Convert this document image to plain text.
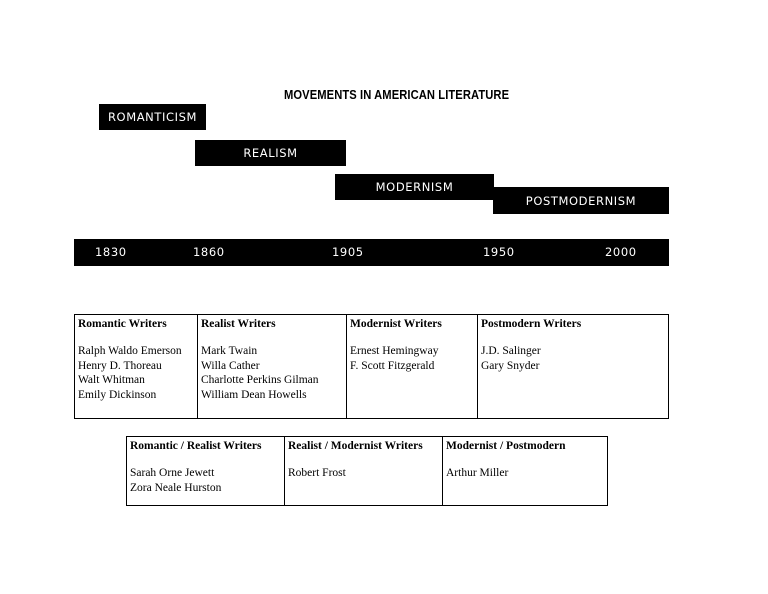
MOVEMENTS IN AMERICAN LITERATURE
ROMANTICISM
REALISM
MODERNISM
POSTMODERNISM
1830	1860	1905	1950	2000
Romantic Writers
Ralph Waldo Emerson
Henry D. Thoreau
Walt Whitman
Emily Dickinson

Realist Writers
Mark Twain
Willa Cather
Charlotte Perkins Gilman
William Dean Howells

Modernist Writers
Ernest Hemingway
F. Scott Fitzgerald

Postmodern Writers
J.D. Salinger
Gary Snyder
Romantic / Realist Writers
Sarah Orne Jewett
Zora Neale Hurston

Realist / Modernist Writers
Robert Frost

Modernist / Postmodern
Arthur Miller
